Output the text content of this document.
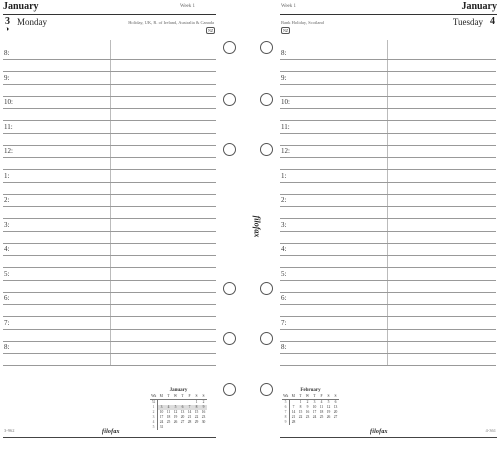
January	Week 1
3 Monday	Holiday, UK, R. of Ireland, Australia & Canada
◑	NZ
8:
9:
10:
11:
12:
1:
2:
3:
4:
5:
6:
7:
8:
January
Wk	M	T	W	T	F	S	S
52						1	2
1	3	4	5	6	7	8	9
2	10	11	12	13	14	15	16
3	17	18	19	20	21	22	23
4	24	25	26	27	28	29	30
5	31						
3-962	filofax
filofax
Week 1	January
Bank Holiday, Scotland
NZ
Tuesday 4
8:
9:
10:
11:
12:
1:
2:
3:
4:
5:
6:
7:
8:
February
Wk	M	T	W	T	F	S	S
5		1	2	3	4	5	6
6	7	8	9	10	11	12	13
7	14	15	16	17	18	19	20
8	21	22	23	24	25	26	27
9	28						
filofax	4-361
